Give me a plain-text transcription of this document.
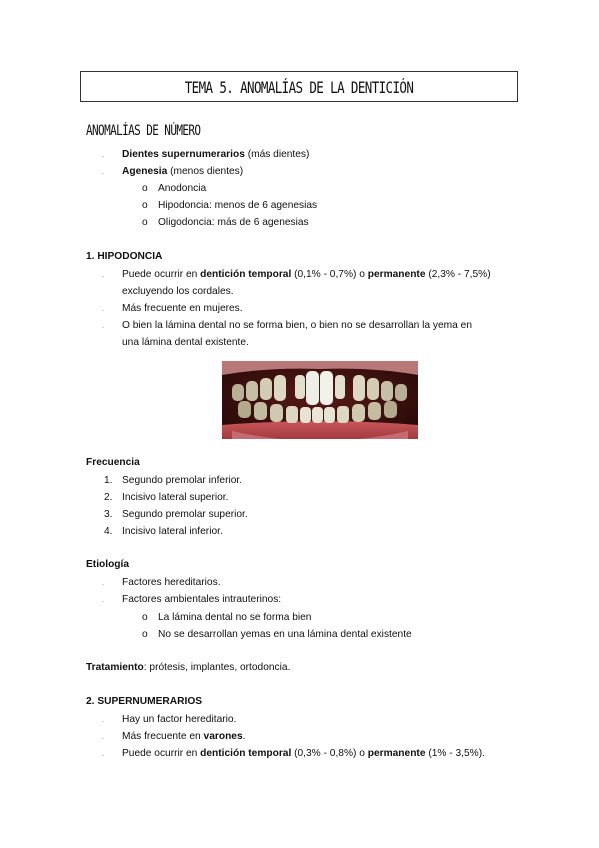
TEMA 5. ANOMALÍAS DE LA DENTICIÓN
ANOMALÍAS DE NÚMERO
. Dientes supernumerarios (más dientes)
. Agenesia (menos dientes)
o Anodoncia
o Hipodoncia: menos de 6 agenesias
o Oligodoncia: más de 6 agenesias
1. HIPODONCIA
. Puede ocurrir en dentición temporal (0,1% - 0,7%) o permanente (2,3% - 7,5%)
excluyendo los cordales.
. Más frecuente en mujeres.
. O bien la lámina dental no se forma bien, o bien no se desarrollan la yema en
una lámina dental existente.
Frecuencia
1. Segundo premolar inferior.
2. Incisivo lateral superior.
3. Segundo premolar superior.
4. Incisivo lateral inferior.
Etiología
. Factores hereditarios.
. Factores ambientales intrauterinos:
o La lámina dental no se forma bien
o No se desarrollan yemas en una lámina dental existente
Tratamiento: prótesis, implantes, ortodoncia.
2. SUPERNUMERARIOS
. Hay un factor hereditario.
. Más frecuente en varones.
. Puede ocurrir en dentición temporal (0,3% - 0,8%) o permanente (1% - 3,5%).
